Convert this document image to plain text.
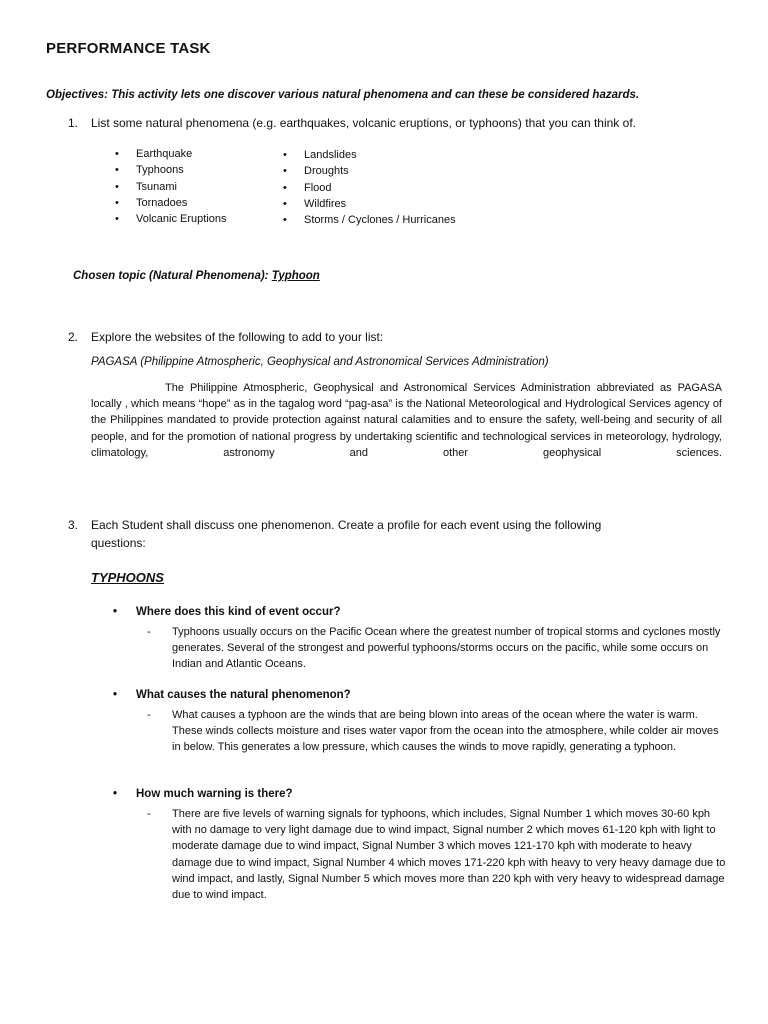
PERFORMANCE TASK
Objectives: This activity lets one discover various natural phenomena and can these be considered hazards.
1. List some natural phenomena (e.g. earthquakes, volcanic eruptions, or typhoons) that you can think of.
• Earthquake
• Typhoons
• Tsunami
• Tornadoes
• Volcanic Eruptions
• Landslides
• Droughts
• Flood
• Wildfires
• Storms / Cyclones / Hurricanes
Chosen topic (Natural Phenomena): Typhoon
2. Explore the websites of the following to add to your list:
PAGASA (Philippine Atmospheric, Geophysical and Astronomical Services Administration)
The Philippine Atmospheric, Geophysical and Astronomical Services Administration abbreviated as PAGASA locally , which means “hope” as in the tagalog word “pag-asa” is the National Meteorological and Hydrological Services agency of the Philippines mandated to provide protection against natural calamities and to ensure the safety, well-being and security of all people, and for the promotion of national progress by undertaking scientific and technological services in meteorology, hydrology, climatology, astronomy and other geophysical sciences.
3. Each Student shall discuss one phenomenon. Create a profile for each event using the following
questions:
TYPHOONS
• Where does this kind of event occur?
- Typhoons usually occurs on the Pacific Ocean where the greatest number of tropical storms and cyclones mostly generates. Several of the strongest and powerful typhoons/storms occurs on the pacific, while some occurs on Indian and Atlantic Oceans.
• What causes the natural phenomenon?
- What causes a typhoon are the winds that are being blown into areas of the ocean where the water is warm. These winds collects moisture and rises water vapor from the ocean into the atmosphere, while colder air moves in below. This generates a low pressure, which causes the winds to move rapidly, generating a typhoon.
• How much warning is there?
- There are five levels of warning signals for typhoons, which includes, Signal Number 1 which moves 30-60 kph with no damage to very light damage due to wind impact, Signal number 2 which moves 61-120 kph with light to moderate damage due to wind impact, Signal Number 3 which moves 121-170 kph with moderate to heavy damage due to wind impact, Signal Number 4 which moves 171-220 kph with heavy to very heavy damage due to wind impact, and lastly, Signal Number 5 which moves more than 220 kph with very heavy to widespread damage due to wind impact.
